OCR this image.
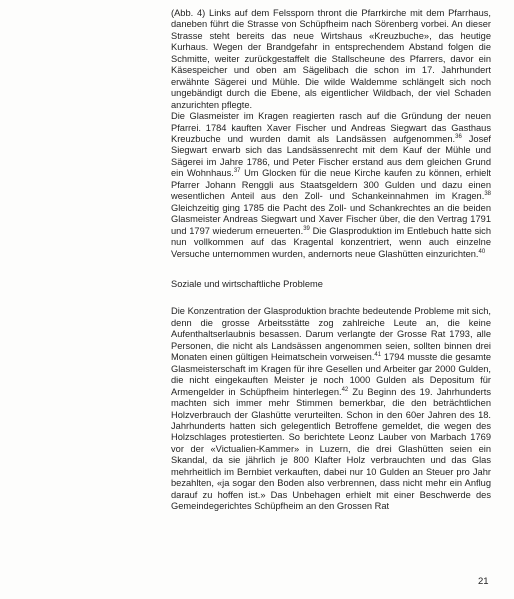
(Abb. 4) Links auf dem Felssporn thront die Pfarrkirche mit dem Pfarrhaus, daneben führt die Strasse von Schüpfheim nach Sörenberg vorbei. An dieser Strasse steht bereits das neue Wirtshaus «Kreuzbuche», das heutige Kurhaus. Wegen der Brandgefahr in entsprechendem Abstand folgen die Schmitte, weiter zurückgestaffelt die Stallscheune des Pfarrers, davor ein Käsespeicher und oben am Sägelibach die schon im 17. Jahrhundert erwähnte Sägerei und Mühle. Die wilde Waldemme schlängelt sich noch ungebändigt durch die Ebene, als eigentlicher Wildbach, der viel Schaden anzurichten pflegte.

Die Glasmeister im Kragen reagierten rasch auf die Gründung der neuen Pfarrei. 1784 kauften Xaver Fischer und Andreas Siegwart das Gasthaus Kreuzbuche und wurden damit als Landsässen aufgenommen.$^{36}$ Josef Siegwart erwarb sich das Landsässenrecht mit dem Kauf der Mühle und Sägerei im Jahre 1786, und Peter Fischer erstand aus dem gleichen Grund ein Wohnhaus.$^{37}$ Um Glocken für die neue Kirche kaufen zu können, erhielt Pfarrer Johann Renggli aus Staatsgeldern 300 Gulden und dazu einen wesentlichen Anteil aus den Zoll- und Schankeinnahmen im Kragen.$^{38}$ Gleichzeitig ging 1785 die Pacht des Zoll- und Schankrechtes an die beiden Glasmeister Andreas Siegwart und Xaver Fischer über, die den Vertrag 1791 und 1797 wiederum erneuerten.$^{39}$ Die Glasproduktion im Entlebuch hatte sich nun vollkommen auf das Kragental konzentriert, wenn auch einzelne Versuche unternommen wurden, andernorts neue Glashütten einzurichten.$^{40}$

Soziale und wirtschaftliche Probleme

Die Konzentration der Glasproduktion brachte bedeutende Probleme mit sich, denn die grosse Arbeitsstätte zog zahlreiche Leute an, die keine Aufenthaltserlaubnis besassen. Darum verlangte der Grosse Rat 1793, alle Personen, die nicht als Landsässen angenommen seien, sollten binnen drei Monaten einen gültigen Heimatschein vorweisen.$^{41}$ 1794 musste die gesamte Glasmeisterschaft im Kragen für ihre Gesellen und Arbeiter gar 2000 Gulden, die nicht eingekauften Meister je noch 1000 Gulden als Depositum für Armengelder in Schüpfheim hinterlegen.$^{42}$ Zu Beginn des 19. Jahrhunderts machten sich immer mehr Stimmen bemerkbar, die den beträchtlichen Holzverbrauch der Glashütte verurteilten. Schon in den 60er Jahren des 18. Jahrhunderts hatten sich gelegentlich Betroffene gemeldet, die wegen des Holzschlages protestierten. So berichtete Leonz Lauber von Marbach 1769 vor der «Victualien-Kammer» in Luzern, die drei Glashütten seien ein Skandal, da sie jährlich je 800 Klafter Holz verbrauchten und das Glas mehrheitlich im Bernbiet verkauften, dabei nur 10 Gulden an Steuer pro Jahr bezahlten, «ja sogar den Boden also verbrennen, dass nicht mehr ein Anflug darauf zu hoffen ist.» Das Unbehagen erhielt mit einer Beschwerde des Gemeindegerichtes Schüpfheim an den Grossen Rat

21
